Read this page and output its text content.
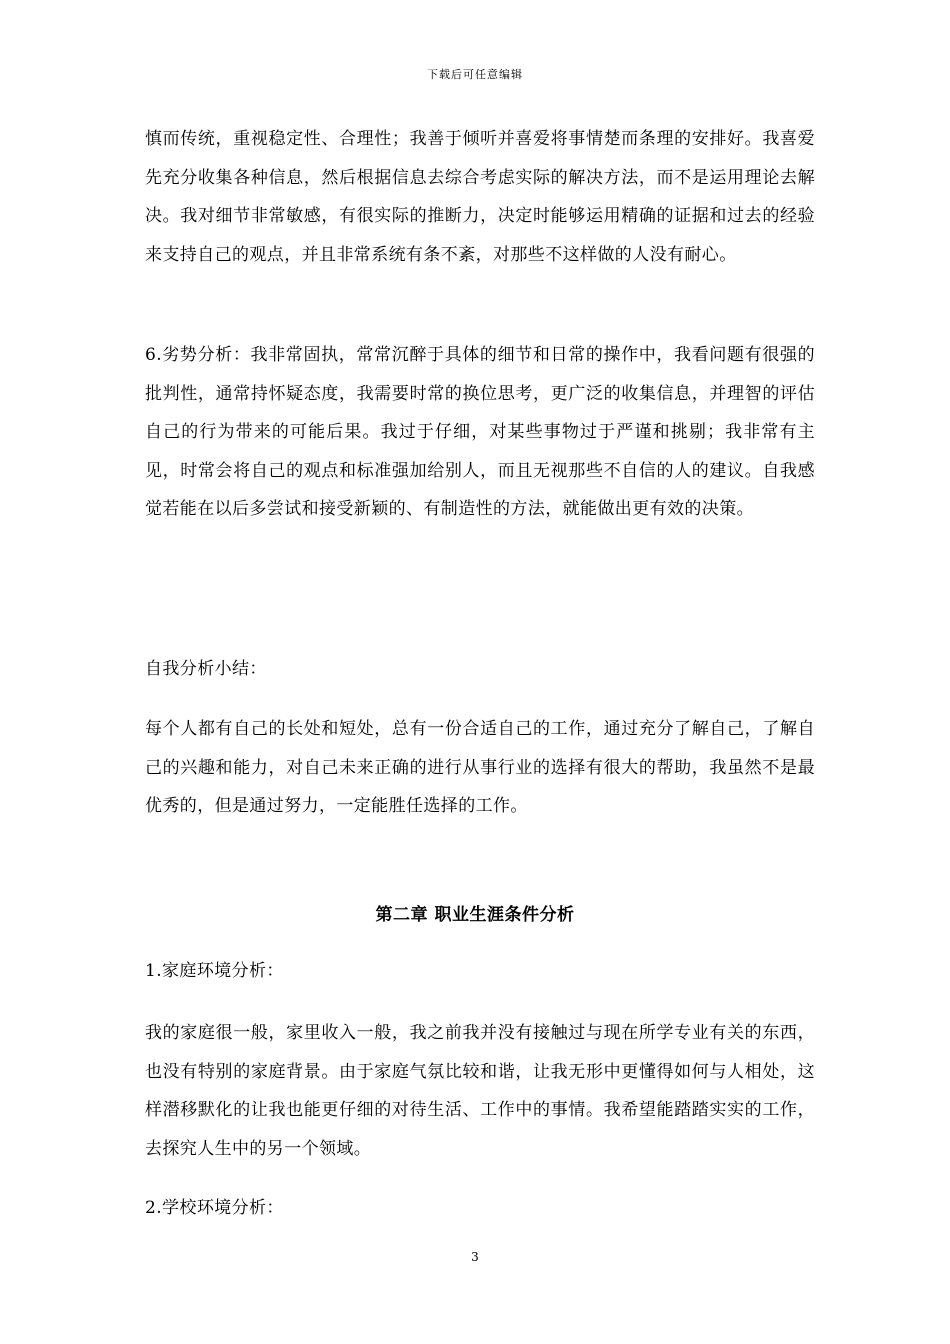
下载后可任意编辑

慎而传统，重视稳定性、合理性；我善于倾听并喜爱将事情楚而条理的安排好。我喜爱先充分收集各种信息，然后根据信息去综合考虑实际的解决方法，而不是运用理论去解决。我对细节非常敏感，有很实际的推断力，决定时能够运用精确的证据和过去的经验来支持自己的观点，并且非常系统有条不紊，对那些不这样做的人没有耐心。

6.劣势分析：我非常固执，常常沉醉于具体的细节和日常的操作中，我看问题有很强的批判性，通常持怀疑态度，我需要时常的换位思考，更广泛的收集信息，并理智的评估自己的行为带来的可能后果。我过于仔细，对某些事物过于严谨和挑剔；我非常有主见，时常会将自己的观点和标准强加给别人，而且无视那些不自信的人的建议。自我感觉若能在以后多尝试和接受新颖的、有制造性的方法，就能做出更有效的决策。

自我分析小结：

每个人都有自己的长处和短处，总有一份合适自己的工作，通过充分了解自己，了解自己的兴趣和能力，对自己未来正确的进行从事行业的选择有很大的帮助，我虽然不是最优秀的，但是通过努力，一定能胜任选择的工作。

第二章 职业生涯条件分析

1.家庭环境分析：

我的家庭很一般，家里收入一般，我之前我并没有接触过与现在所学专业有关的东西，也没有特别的家庭背景。由于家庭气氛比较和谐，让我无形中更懂得如何与人相处，这样潜移默化的让我也能更仔细的对待生活、工作中的事情。我希望能踏踏实实的工作，去探究人生中的另一个领域。

2.学校环境分析：

3
